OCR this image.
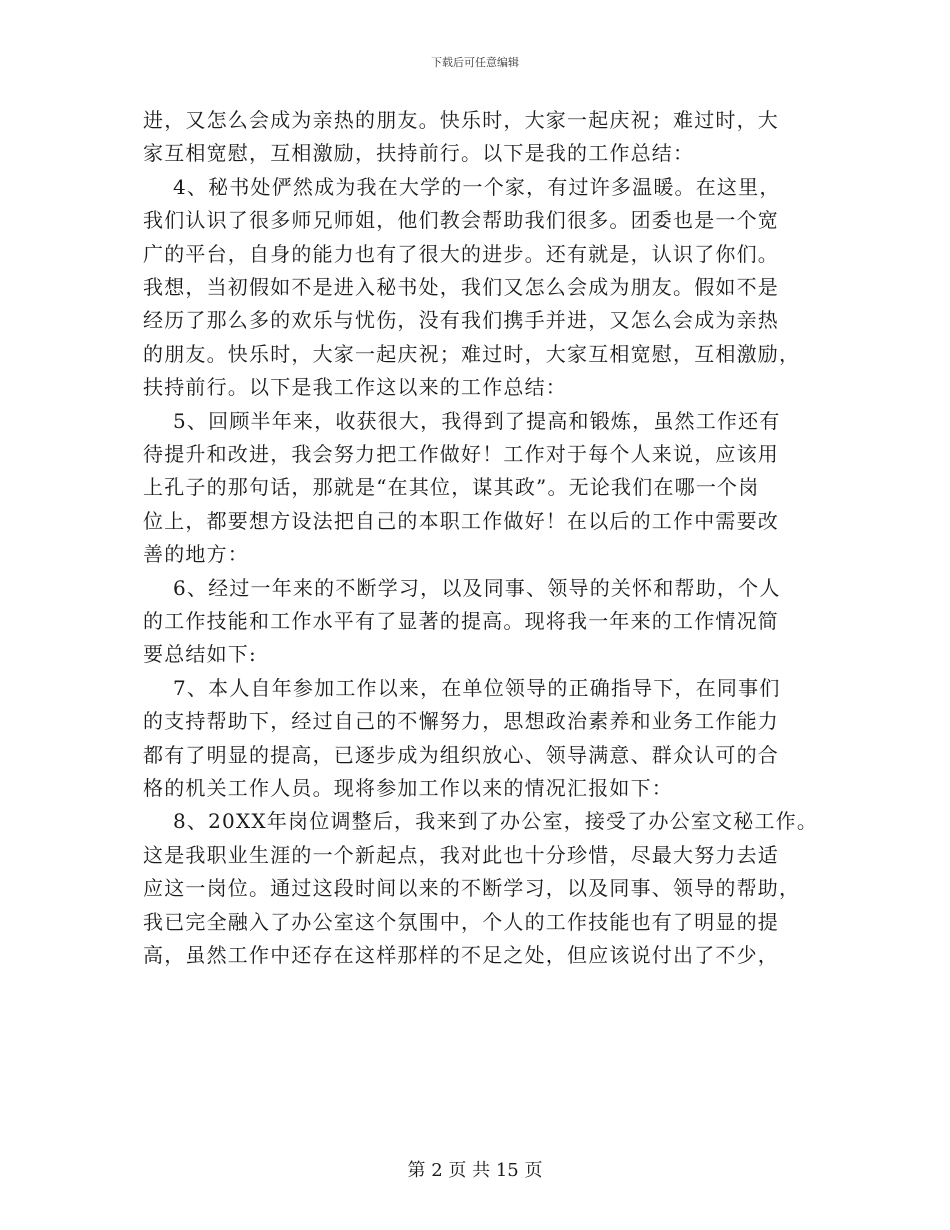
下载后可任意编辑
进，又怎么会成为亲热的朋友。快乐时，大家一起庆祝；难过时，大
家互相宽慰，互相激励，扶持前行。以下是我的工作总结：
4、秘书处俨然成为我在大学的一个家，有过许多温暖。在这里，
我们认识了很多师兄师姐，他们教会帮助我们很多。团委也是一个宽
广的平台，自身的能力也有了很大的进步。还有就是，认识了你们。
我想，当初假如不是进入秘书处，我们又怎么会成为朋友。假如不是
经历了那么多的欢乐与忧伤，没有我们携手并进，又怎么会成为亲热
的朋友。快乐时，大家一起庆祝；难过时，大家互相宽慰，互相激励，
扶持前行。以下是我工作这以来的工作总结：
5、回顾半年来，收获很大，我得到了提高和锻炼，虽然工作还有
待提升和改进，我会努力把工作做好！工作对于每个人来说，应该用
上孔子的那句话，那就是“在其位，谋其政”。无论我们在哪一个岗
位上，都要想方设法把自己的本职工作做好！在以后的工作中需要改
善的地方：
6、经过一年来的不断学习，以及同事、领导的关怀和帮助，个人
的工作技能和工作水平有了显著的提高。现将我一年来的工作情况简
要总结如下:
7、本人自年参加工作以来，在单位领导的正确指导下，在同事们
的支持帮助下，经过自己的不懈努力，思想政治素养和业务工作能力
都有了明显的提高，已逐步成为组织放心、领导满意、群众认可的合
格的机关工作人员。现将参加工作以来的情况汇报如下：
8、20XX年岗位调整后，我来到了办公室，接受了办公室文秘工作。
这是我职业生涯的一个新起点，我对此也十分珍惜，尽最大努力去适
应这一岗位。通过这段时间以来的不断学习，以及同事、领导的帮助，
我已完全融入了办公室这个氛围中，个人的工作技能也有了明显的提
高，虽然工作中还存在这样那样的不足之处，但应该说付出了不少，
第 2 页 共 15 页
